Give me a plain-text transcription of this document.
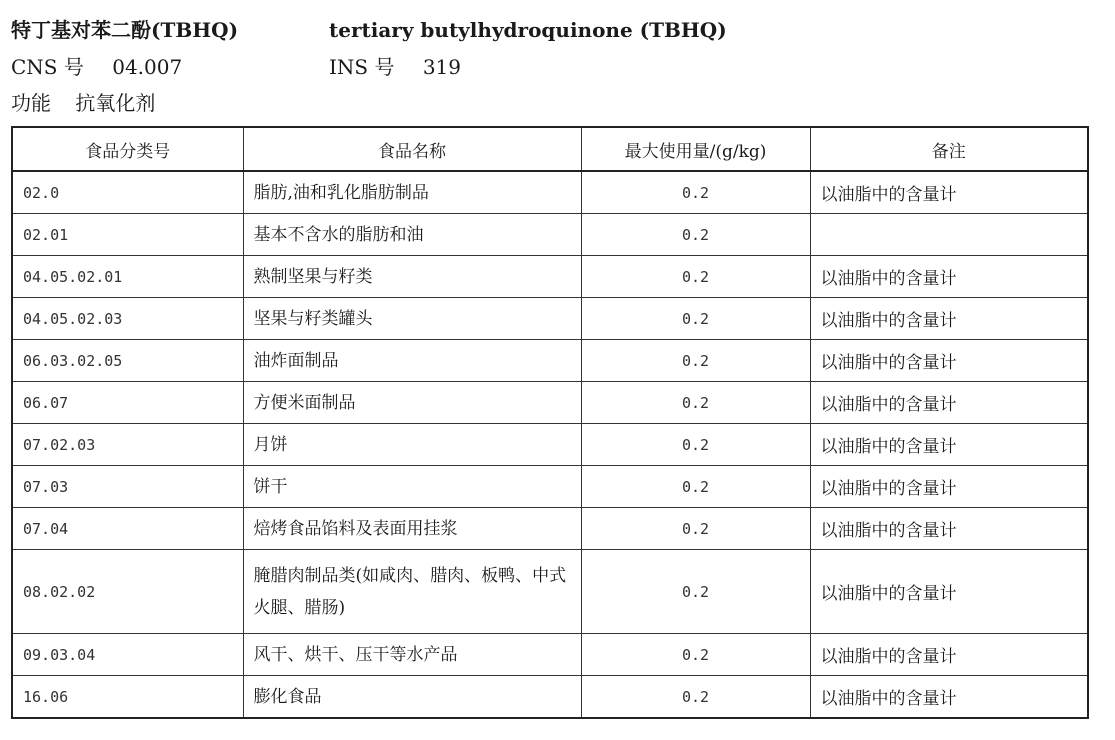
特丁基对苯二酚(TBHQ)	tertiary butylhydroquinone (TBHQ)
CNS 号 04.007	INS 号 319
功能 抗氧化剂
食品分类号	食品名称	最大使用量/(g/kg)	备注
02.0	脂肪,油和乳化脂肪制品	0.2	以油脂中的含量计
02.01	基本不含水的脂肪和油	0.2	
04.05.02.01	熟制坚果与籽类	0.2	以油脂中的含量计
04.05.02.03	坚果与籽类罐头	0.2	以油脂中的含量计
06.03.02.05	油炸面制品	0.2	以油脂中的含量计
06.07	方便米面制品	0.2	以油脂中的含量计
07.02.03	月饼	0.2	以油脂中的含量计
07.03	饼干	0.2	以油脂中的含量计
07.04	焙烤食品馅料及表面用挂浆	0.2	以油脂中的含量计
08.02.02	腌腊肉制品类(如咸肉、腊肉、板鸭、中式火腿、腊肠)	0.2	以油脂中的含量计
09.03.04	风干、烘干、压干等水产品	0.2	以油脂中的含量计
16.06	膨化食品	0.2	以油脂中的含量计
